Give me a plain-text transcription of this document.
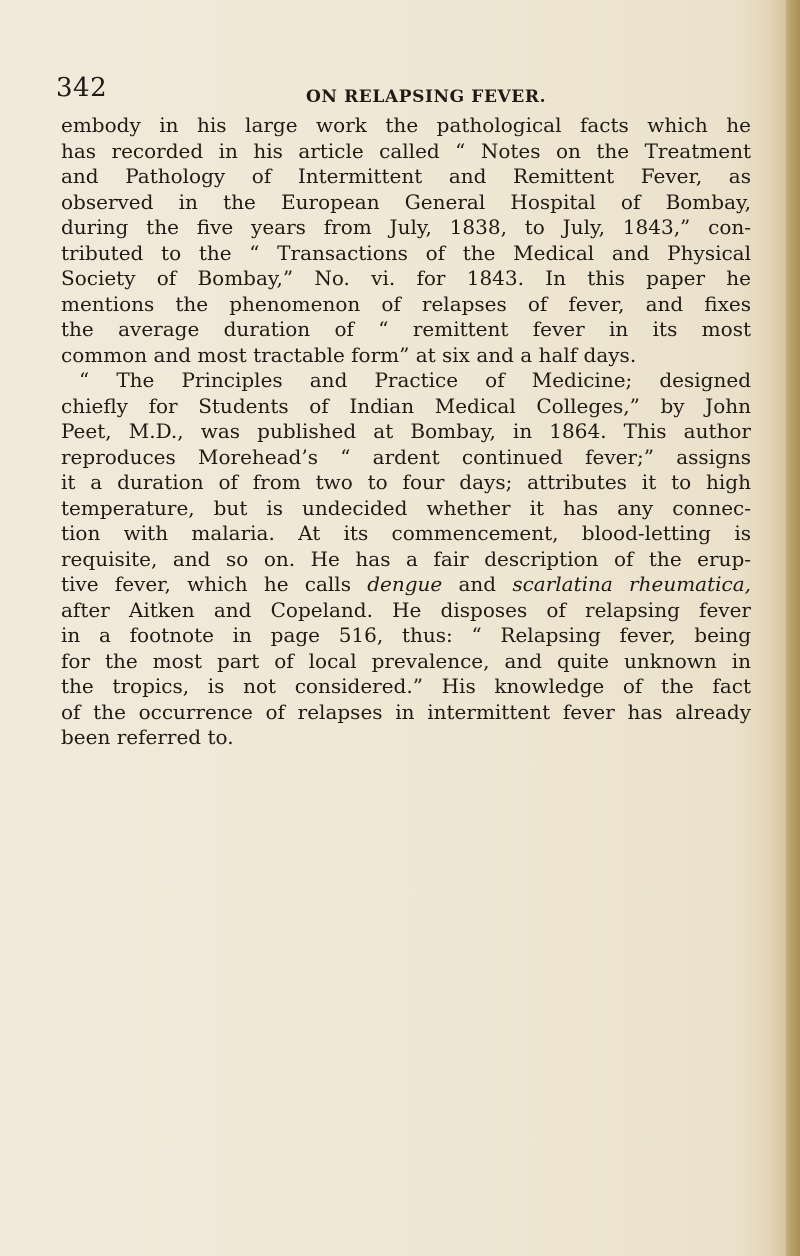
342	ON RELAPSING FEVER.
embody in his large work the pathological facts which he
has recorded in his article called “ Notes on the Treatment
and Pathology of Intermittent and Remittent Fever, as
observed in the European General Hospital of Bombay,
during the five years from July, 1838, to July, 1843,” con-
tributed to the “ Transactions of the Medical and Physical
Society of Bombay,” No. vi. for 1843. In this paper he
mentions the phenomenon of relapses of fever, and fixes
the average duration of “ remittent fever in its most
common and most tractable form” at six and a half days.
“ The Principles and Practice of Medicine; designed
chiefly for Students of Indian Medical Colleges,” by John
Peet, M.D., was published at Bombay, in 1864. This author
reproduces Morehead’s “ ardent continued fever;” assigns
it a duration of from two to four days; attributes it to high
temperature, but is undecided whether it has any connec-
tion with malaria. At its commencement, blood-letting is
requisite, and so on. He has a fair description of the erup-
tive fever, which he calls dengue and scarlatina rheumatica,
after Aitken and Copeland. He disposes of relapsing fever
in a footnote in page 516, thus: “ Relapsing fever, being
for the most part of local prevalence, and quite unknown in
the tropics, is not considered.” His knowledge of the fact
of the occurrence of relapses in intermittent fever has already
been referred to.
